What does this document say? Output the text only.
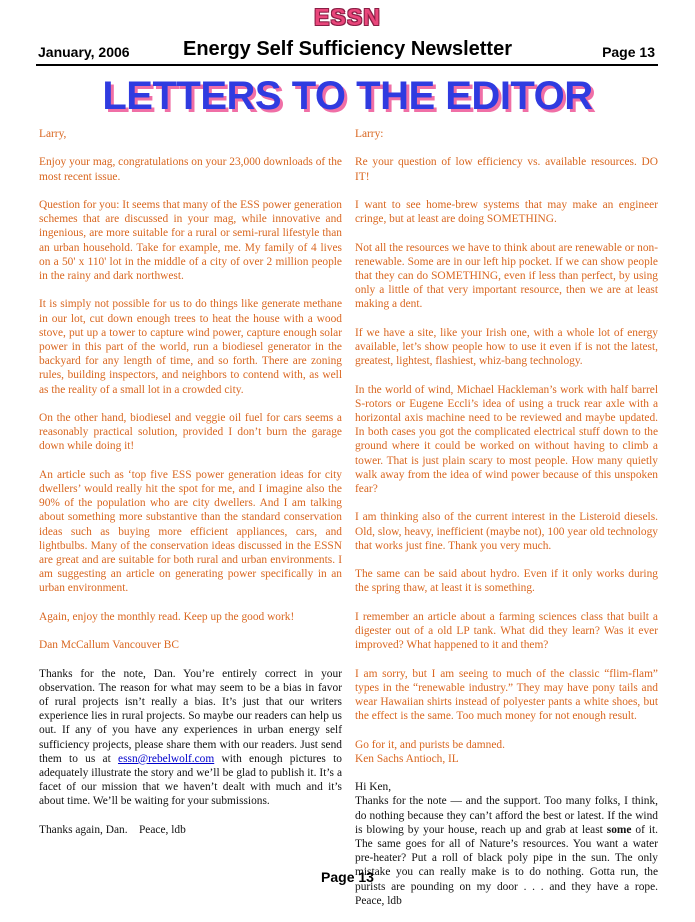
ESSN
January, 2006	Energy Self Sufficiency Newsletter	Page 13
LETTERS TO THE EDITOR

Larry,

Enjoy your mag, congratulations on your 23,000 downloads of the most recent issue.

Question for you: It seems that many of the ESS power generation schemes that are discussed in your mag, while innovative and ingenious, are more suitable for a rural or semi-rural lifestyle than an urban household. Take for example, me. My family of 4 lives on a 50' x 110' lot in the middle of a city of over 2 million people in the rainy and dark northwest.

It is simply not possible for us to do things like generate methane in our lot, cut down enough trees to heat the house with a wood stove, put up a tower to capture wind power, capture enough solar power in this part of the world, run a biodiesel generator in the backyard for any length of time, and so forth. There are zoning rules, building inspectors, and neighbors to contend with, as well as the reality of a small lot in a crowded city.

On the other hand, biodiesel and veggie oil fuel for cars seems a reasonably practical solution, provided I don’t burn the garage down while doing it!

An article such as ‘top five ESS power generation ideas for city dwellers’ would really hit the spot for me, and I imagine also the 90% of the population who are city dwellers. And I am talking about something more substantive than the standard conservation ideas such as buying more efficient appliances, cars, and lightbulbs. Many of the conservation ideas discussed in the ESSN are great and are suitable for both rural and urban environments. I am suggesting an article on generating power specifically in an urban environment.

Again, enjoy the monthly read. Keep up the good work!

Dan McCallum Vancouver BC

Thanks for the note, Dan. You’re entirely correct in your observation. The reason for what may seem to be a bias in favor of rural projects isn’t really a bias. It’s just that our writers experience lies in rural projects. So maybe our readers can help us out. If any of you have any experiences in urban energy self sufficiency projects, please share them with our readers. Just send them to us at essn@rebelwolf.com with enough pictures to adequately illustrate the story and we’ll be glad to publish it. It’s a facet of our mission that we haven’t dealt with much and it’s about time. We’ll be waiting for your submissions.

Thanks again, Dan.    Peace, ldb

Larry:

Re your question of low efficiency vs. available resources. DO IT!

I want to see home-brew systems that may make an engineer cringe, but at least are doing SOMETHING.

Not all the resources we have to think about are renewable or non-renewable. Some are in our left hip pocket. If we can show people that they can do SOMETHING, even if less than perfect, by using only a little of that very important resource, then we are at least making a dent.

If we have a site, like your Irish one, with a whole lot of energy available, let’s show people how to use it even if is not the latest, greatest, lightest, flashiest, whiz-bang technology.

In the world of wind, Michael Hackleman’s work with half barrel S-rotors or Eugene Eccli’s idea of using a truck rear axle with a horizontal axis machine need to be reviewed and maybe updated. In both cases you got the complicated electrical stuff down to the ground where it could be worked on without having to climb a tower. That is just plain scary to most people. How many quietly walk away from the idea of wind power because of this unspoken fear?

I am thinking also of the current interest in the Listeroid diesels. Old, slow, heavy, inefficient (maybe not), 100 year old technology that works just fine. Thank you very much.

The same can be said about hydro. Even if it only works during the spring thaw, at least it is something.

I remember an article about a farming sciences class that built a digester out of a old LP tank. What did they learn? Was it ever improved? What happened to it and them?

I am sorry, but I am seeing to much of the classic “flim-flam” types in the “renewable industry.” They may have pony tails and wear Hawaiian shirts instead of polyester pants a white shoes, but the effect is the same. Too much money for not enough result.

Go for it, and purists be damned.
Ken Sachs Antioch, IL

Hi Ken,
Thanks for the note — and the support. Too many folks, I think, do nothing because they can’t afford the best or latest. If the wind is blowing by your house, reach up and grab at least some of it. The same goes for all of Nature’s resources. You want a water pre-heater? Put a roll of black poly pipe in the sun. The only mistake you can really make is to do nothing. Gotta run, the purists are pounding on my door . . . and they have a rope.    Peace, ldb

Page 13
